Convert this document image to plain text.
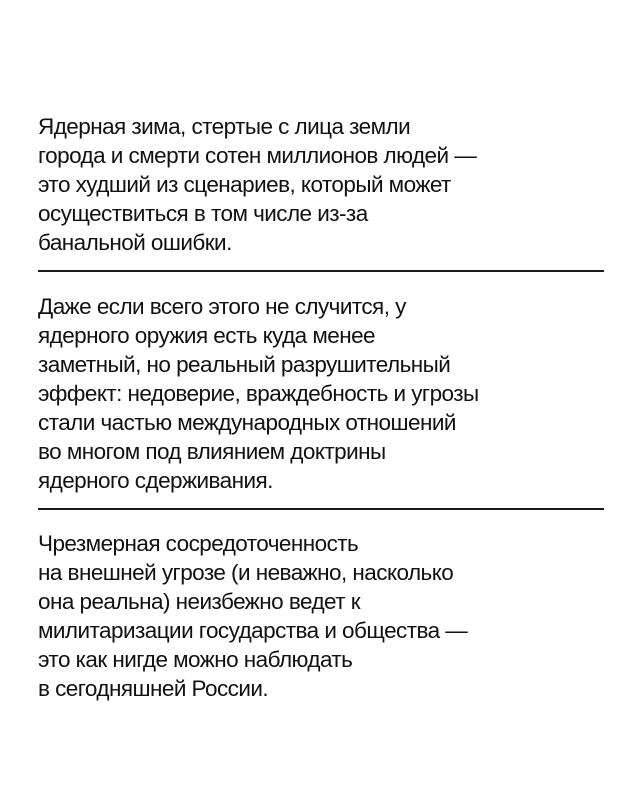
Ядерная зима, стертые с лица земли
города и смерти сотен миллионов людей —
это худший из сценариев, который может
осуществиться в том числе из-за
банальной ошибки.

Даже если всего этого не случится, у
ядерного оружия есть куда менее
заметный, но реальный разрушительный
эффект: недоверие, враждебность и угрозы
стали частью международных отношений
во многом под влиянием доктрины
ядерного сдерживания.

Чрезмерная сосредоточенность
на внешней угрозе (и неважно, насколько
она реальна) неизбежно ведет к
милитаризации государства и общества —
это как нигде можно наблюдать
в сегодняшней России.
